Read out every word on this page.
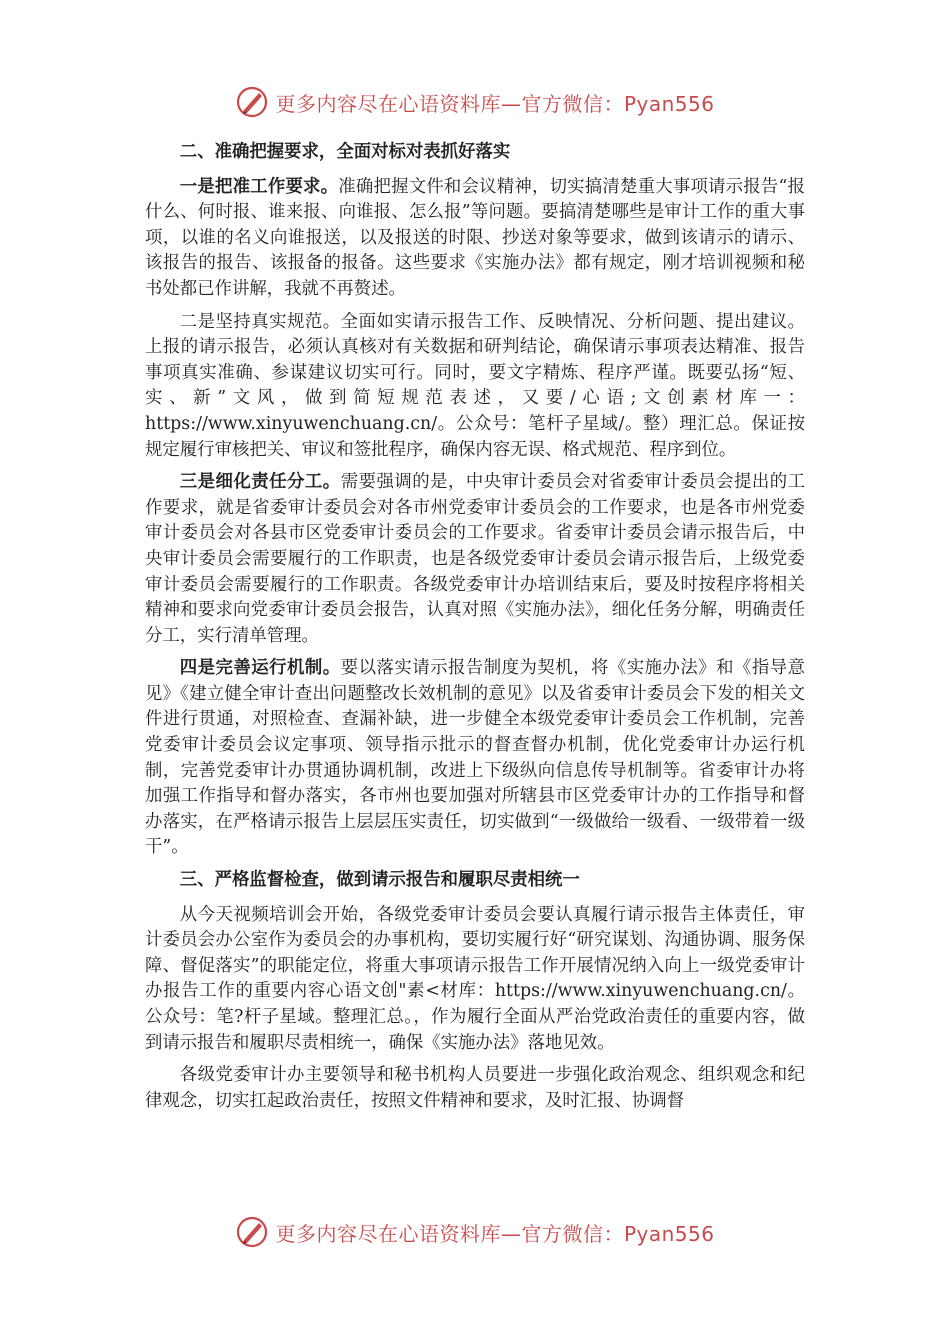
更多内容尽在心语资料库—官方微信：Pyan556

二、准确把握要求，全面对标对表抓好落实

一是把准工作要求。准确把握文件和会议精神，切实搞清楚重大事项请示报告“报什么、何时报、谁来报、向谁报、怎么报”等问题。要搞清楚哪些是审计工作的重大事项，以谁的名义向谁报送，以及报送的时限、抄送对象等要求，做到该请示的请示、该报告的报告、该报备的报备。这些要求《实施办法》都有规定，刚才培训视频和秘书处都已作讲解，我就不再赘述。

二是坚持真实规范。全面如实请示报告工作、反映情况、分析问题、提出建议。上报的请示报告，必须认真核对有关数据和研判结论，确保请示事项表达精准、报告事项真实准确、参谋建议切实可行。同时，要文字精炼、程序严谨。既要弘扬“短、实、新”文风，做到简短规范表述，又要/心语;文创素材库一：https://www.xinyuwenchuang.cn/。公众号：笔杆子星域/。整）理汇总。保证按规定履行审核把关、审议和签批程序，确保内容无误、格式规范、程序到位。

三是细化责任分工。需要强调的是，中央审计委员会对省委审计委员会提出的工作要求，就是省委审计委员会对各市州党委审计委员会的工作要求，也是各市州党委审计委员会对各县市区党委审计委员会的工作要求。省委审计委员会请示报告后，中央审计委员会需要履行的工作职责，也是各级党委审计委员会请示报告后，上级党委审计委员会需要履行的工作职责。各级党委审计办培训结束后，要及时按程序将相关精神和要求向党委审计委员会报告，认真对照《实施办法》，细化任务分解，明确责任分工，实行清单管理。

四是完善运行机制。要以落实请示报告制度为契机，将《实施办法》和《指导意见》《建立健全审计查出问题整改长效机制的意见》以及省委审计委员会下发的相关文件进行贯通，对照检查、查漏补缺，进一步健全本级党委审计委员会工作机制，完善党委审计委员会议定事项、领导指示批示的督查督办机制，优化党委审计办运行机制，完善党委审计办贯通协调机制，改进上下级纵向信息传导机制等。省委审计办将加强工作指导和督办落实，各市州也要加强对所辖县市区党委审计办的工作指导和督办落实，在严格请示报告上层层压实责任，切实做到“一级做给一级看、一级带着一级干”。

三、严格监督检查，做到请示报告和履职尽责相统一

从今天视频培训会开始，各级党委审计委员会要认真履行请示报告主体责任，审计委员会办公室作为委员会的办事机构，要切实履行好“研究谋划、沟通协调、服务保障、督促落实”的职能定位，将重大事项请示报告工作开展情况纳入向上一级党委审计办报告工作的重要内容心语文创"素<材库：https://www.xinyuwenchuang.cn/。公众号：笔?杆子星域。整理汇总。，作为履行全面从严治党政治责任的重要内容，做到请示报告和履职尽责相统一，确保《实施办法》落地见效。

各级党委审计办主要领导和秘书机构人员要进一步强化政治观念、组织观念和纪律观念，切实扛起政治责任，按照文件精神和要求，及时汇报、协调督

更多内容尽在心语资料库—官方微信：Pyan556
